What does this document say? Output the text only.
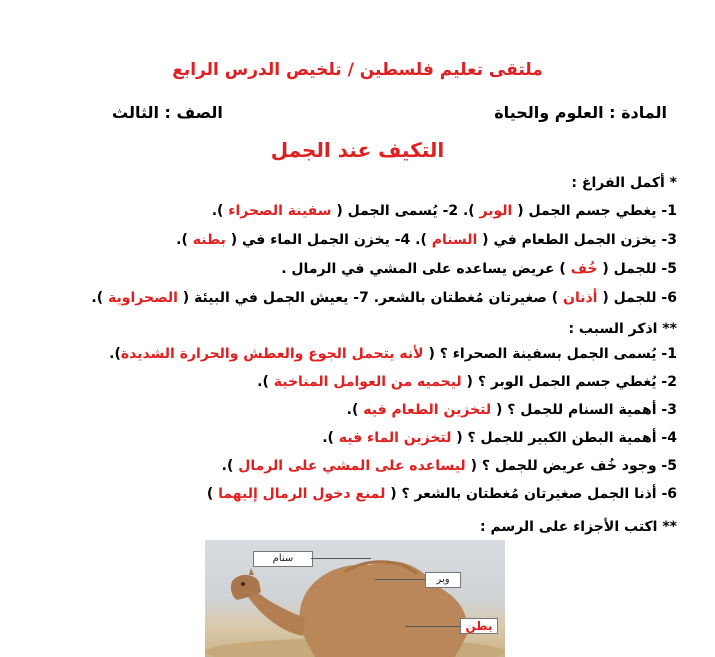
ملتقى تعليم فلسطين / تلخيص الدرس الرابع
المادة : العلوم والحياة
الصف : الثالث
التكيف عند الجمل
* أكمل الفراغ :
1- يغطي جسم الجمل ( الوبر ). 2- يُسمى الجمل ( سفينة الصحراء ).
3- يخزن الجمل الطعام في ( السنام ). 4- يخزن الجمل الماء في ( بطنه ).
5- للجمل ( خُف ) عريض يساعده على المشي في الرمال .
6- للجمل ( أذنان ) صغيرتان مُغطتان بالشعر. 7- يعيش الجمل في البيئة ( الصحراوية ).
** اذكر السبب :
1- يُسمى الجمل بسفينة الصحراء ؟ ( لأنه يتحمل الجوع والعطش والحرارة الشديدة).
2- يُغطي جسم الجمل الوبر ؟ ( ليحميه من العوامل المناخية ).
3- أهمية السنام للجمل ؟ ( لتخزين الطعام فيه ).
4- أهمية البطن الكبير للجمل ؟ ( لتخزين الماء فيه ).
5- وجود خُف عريض للجمل ؟ ( ليساعده على المشي على الرمال ).
6- أذنا الجمل صغيرتان مُغطتان بالشعر ؟ ( لمنع دخول الرمال إليهما )
** اكتب الأجزاء على الرسم :
سنام
وبر
بطن
